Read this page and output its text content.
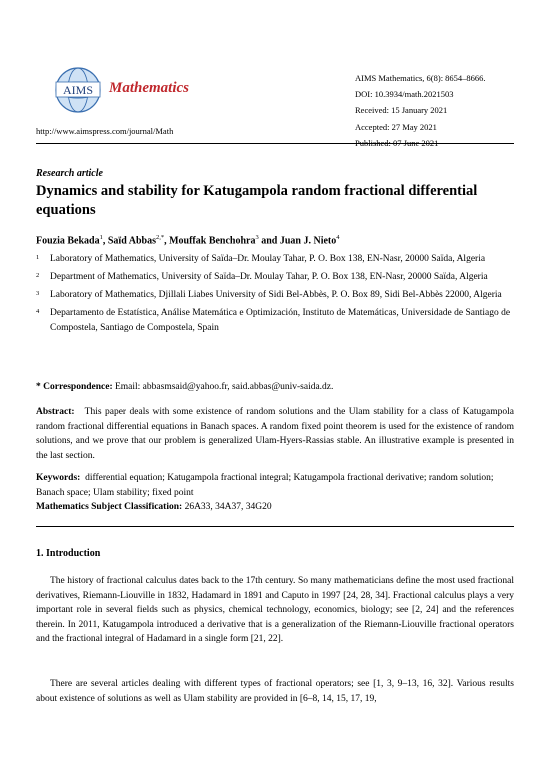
AIMS Mathematics
http://www.aimspress.com/journal/Math
AIMS Mathematics, 6(8): 8654–8666.
DOI: 10.3934/math.2021503
Received: 15 January 2021
Accepted: 27 May 2021
Published: 07 June 2021
Research article
Dynamics and stability for Katugampola random fractional differential
equations
Fouzia Bekada$^1$, Saïd Abbas$^{2,*}$, Mouffak Benchohra$^3$ and Juan J. Nieto$^4$
1 Laboratory of Mathematics, University of Saïda–Dr. Moulay Tahar, P. O. Box 138, EN-Nasr, 20000 Saïda, Algeria
2 Department of Mathematics, University of Saïda–Dr. Moulay Tahar, P. O. Box 138, EN-Nasr, 20000 Saïda, Algeria
3 Laboratory of Mathematics, Djillali Liabes University of Sidi Bel-Abbès, P. O. Box 89, Sidi Bel-Abbès 22000, Algeria
4 Departamento de Estatística, Análise Matemática e Optimización, Instituto de Matemáticas, Universidade de Santiago de Compostela, Santiago de Compostela, Spain
* Correspondence: Email: abbasmsaid@yahoo.fr, said.abbas@univ-saida.dz.
Abstract: This paper deals with some existence of random solutions and the Ulam stability for a class of Katugampola random fractional differential equations in Banach spaces. A random fixed point theorem is used for the existence of random solutions, and we prove that our problem is generalized Ulam-Hyers-Rassias stable. An illustrative example is presented in the last section.
Keywords: differential equation; Katugampola fractional integral; Katugampola fractional derivative; random solution; Banach space; Ulam stability; fixed point
Mathematics Subject Classification: 26A33, 34A37, 34G20
1. Introduction
The history of fractional calculus dates back to the 17th century. So many mathematicians define the most used fractional derivatives, Riemann-Liouville in 1832, Hadamard in 1891 and Caputo in 1997 [24, 28, 34]. Fractional calculus plays a very important role in several fields such as physics, chemical technology, economics, biology; see [2, 24] and the references therein. In 2011, Katugampola introduced a derivative that is a generalization of the Riemann-Liouville fractional operators and the fractional integral of Hadamard in a single form [21, 22].
There are several articles dealing with different types of fractional operators; see [1, 3, 9–13, 16, 32]. Various results about existence of solutions as well as Ulam stability are provided in [6–8, 14, 15, 17, 19,
